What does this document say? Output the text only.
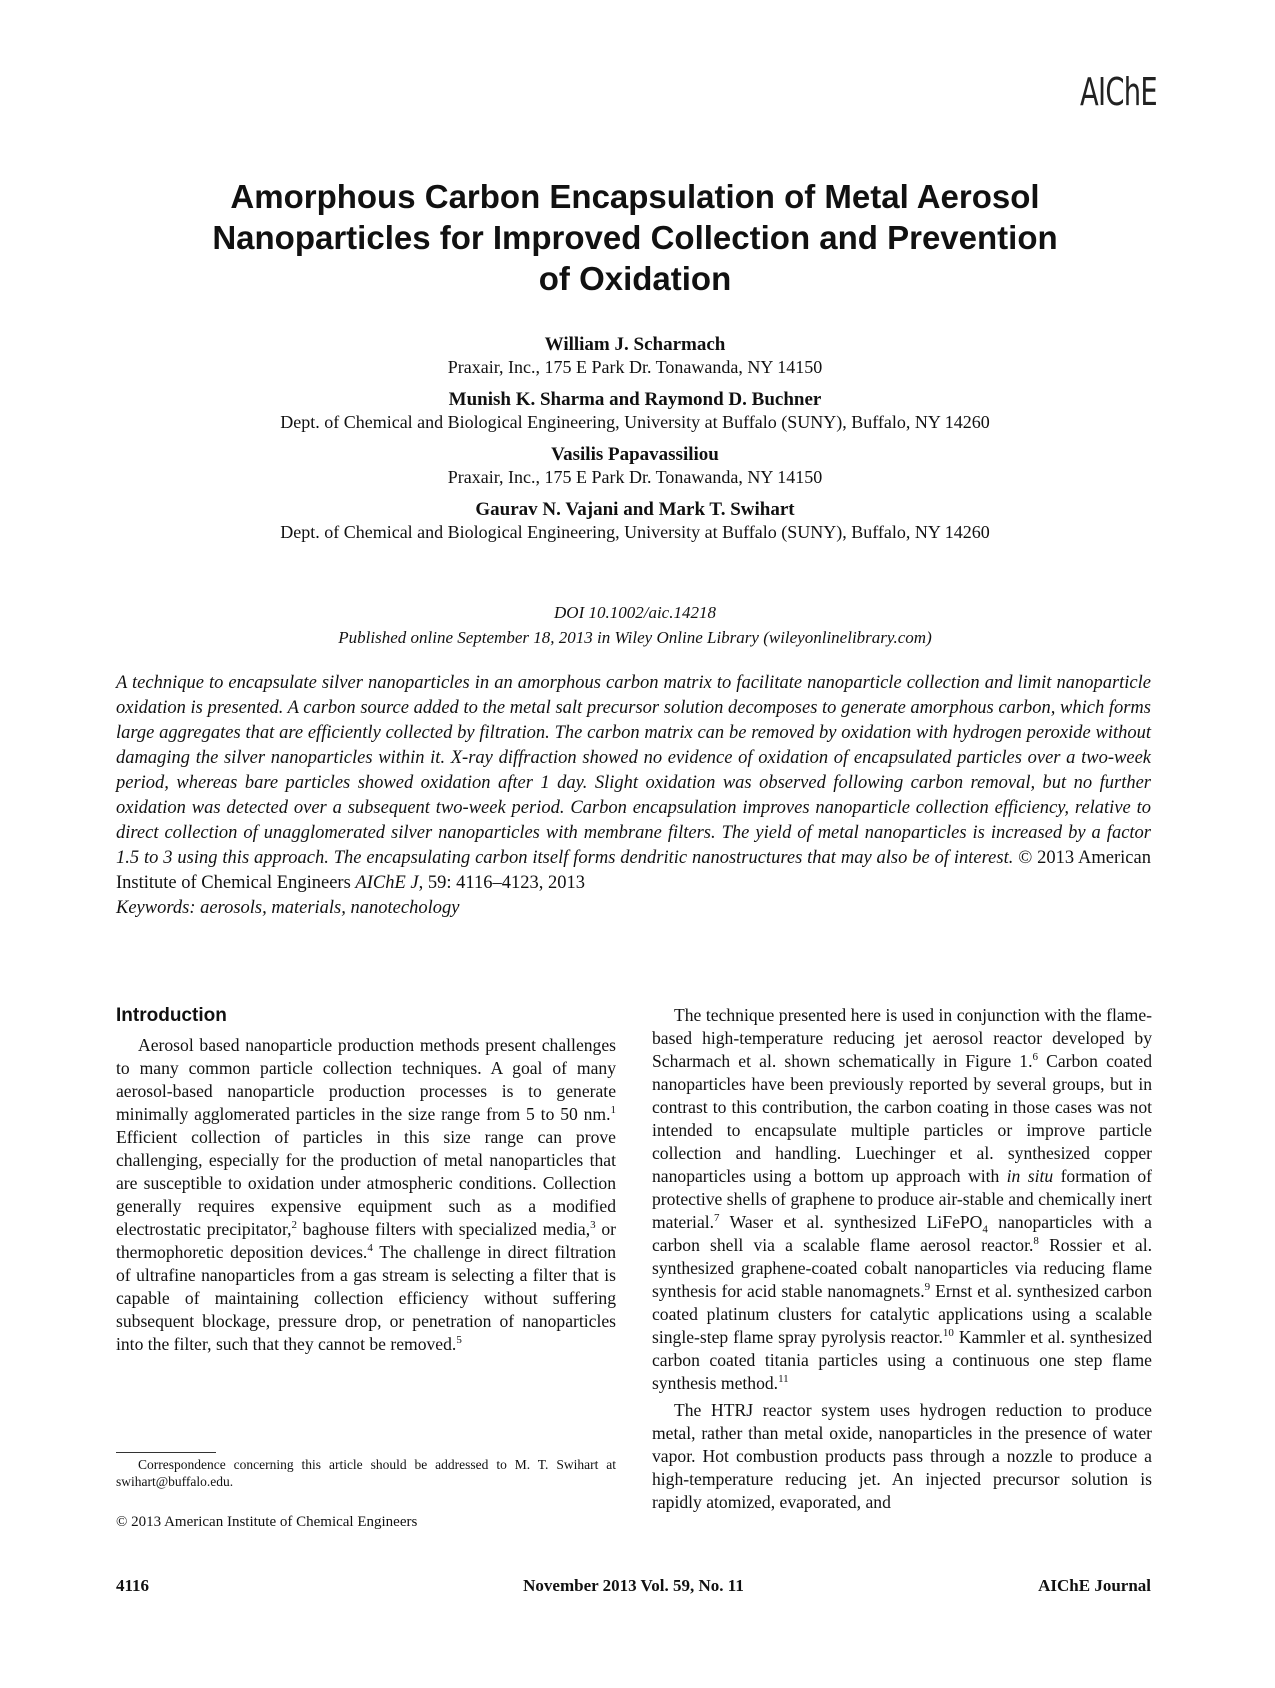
AIChE
Amorphous Carbon Encapsulation of Metal Aerosol
Nanoparticles for Improved Collection and Prevention
of Oxidation
William J. Scharmach
Praxair, Inc., 175 E Park Dr. Tonawanda, NY 14150
Munish K. Sharma and Raymond D. Buchner
Dept. of Chemical and Biological Engineering, University at Buffalo (SUNY), Buffalo, NY 14260
Vasilis Papavassiliou
Praxair, Inc., 175 E Park Dr. Tonawanda, NY 14150
Gaurav N. Vajani and Mark T. Swihart
Dept. of Chemical and Biological Engineering, University at Buffalo (SUNY), Buffalo, NY 14260
DOI 10.1002/aic.14218
Published online September 18, 2013 in Wiley Online Library (wileyonlinelibrary.com)
A technique to encapsulate silver nanoparticles in an amorphous carbon matrix to facilitate nanoparticle collection and limit nanoparticle oxidation is presented. A carbon source added to the metal salt precursor solution decomposes to generate amorphous carbon, which forms large aggregates that are efficiently collected by filtration. The carbon matrix can be removed by oxidation with hydrogen peroxide without damaging the silver nanoparticles within it. X-ray diffraction showed no evidence of oxidation of encapsulated particles over a two-week period, whereas bare particles showed oxidation after 1 day. Slight oxidation was observed following carbon removal, but no further oxidation was detected over a subsequent two-week period. Carbon encapsulation improves nanoparticle collection efficiency, relative to direct collection of unagglomerated silver nanoparticles with membrane filters. The yield of metal nanoparticles is increased by a factor 1.5 to 3 using this approach. The encapsulating carbon itself forms dendritic nanostructures that may also be of interest. © 2013 American Institute of Chemical Engineers AIChE J, 59: 4116–4123, 2013
Keywords: aerosols, materials, nanotechology
Introduction

Aerosol based nanoparticle production methods present challenges to many common particle collection techniques. A goal of many aerosol-based nanoparticle production processes is to generate minimally agglomerated particles in the size range from 5 to 50 nm.$^1$ Efficient collection of particles in this size range can prove challenging, especially for the production of metal nanoparticles that are susceptible to oxidation under atmospheric conditions. Collection generally requires expensive equipment such as a modified electrostatic precipitator,$^2$ baghouse filters with specialized media,$^3$ or thermophoretic deposition devices.$^4$ The challenge in direct filtration of ultrafine nanoparticles from a gas stream is selecting a filter that is capable of maintaining collection efficiency without suffering subsequent blockage, pressure drop, or penetration of nanoparticles into the filter, such that they cannot be removed.$^5$

The technique presented here is used in conjunction with the flame-based high-temperature reducing jet aerosol reactor developed by Scharmach et al. shown schematically in Figure 1.$^6$ Carbon coated nanoparticles have been previously reported by several groups, but in contrast to this contribution, the carbon coating in those cases was not intended to encapsulate multiple particles or improve particle collection and handling. Luechinger et al. synthesized copper nanoparticles using a bottom up approach with in situ formation of protective shells of graphene to produce air-stable and chemically inert material.$^7$ Waser et al. synthesized LiFePO$_4$ nanoparticles with a carbon shell via a scalable flame aerosol reactor.$^8$ Rossier et al. synthesized graphene-coated cobalt nanoparticles via reducing flame synthesis for acid stable nanomagnets.$^9$ Ernst et al. synthesized carbon coated platinum clusters for catalytic applications using a scalable single-step flame spray pyrolysis reactor.$^{10}$ Kammler et al. synthesized carbon coated titania particles using a continuous one step flame synthesis method.$^{11}$

The HTRJ reactor system uses hydrogen reduction to produce metal, rather than metal oxide, nanoparticles in the presence of water vapor. Hot combustion products pass through a nozzle to produce a high-temperature reducing jet. An injected precursor solution is rapidly atomized, evaporated, and

Correspondence concerning this article should be addressed to M. T. Swihart at swihart@buffalo.edu.

© 2013 American Institute of Chemical Engineers
4116	November 2013 Vol. 59, No. 11	AIChE Journal
